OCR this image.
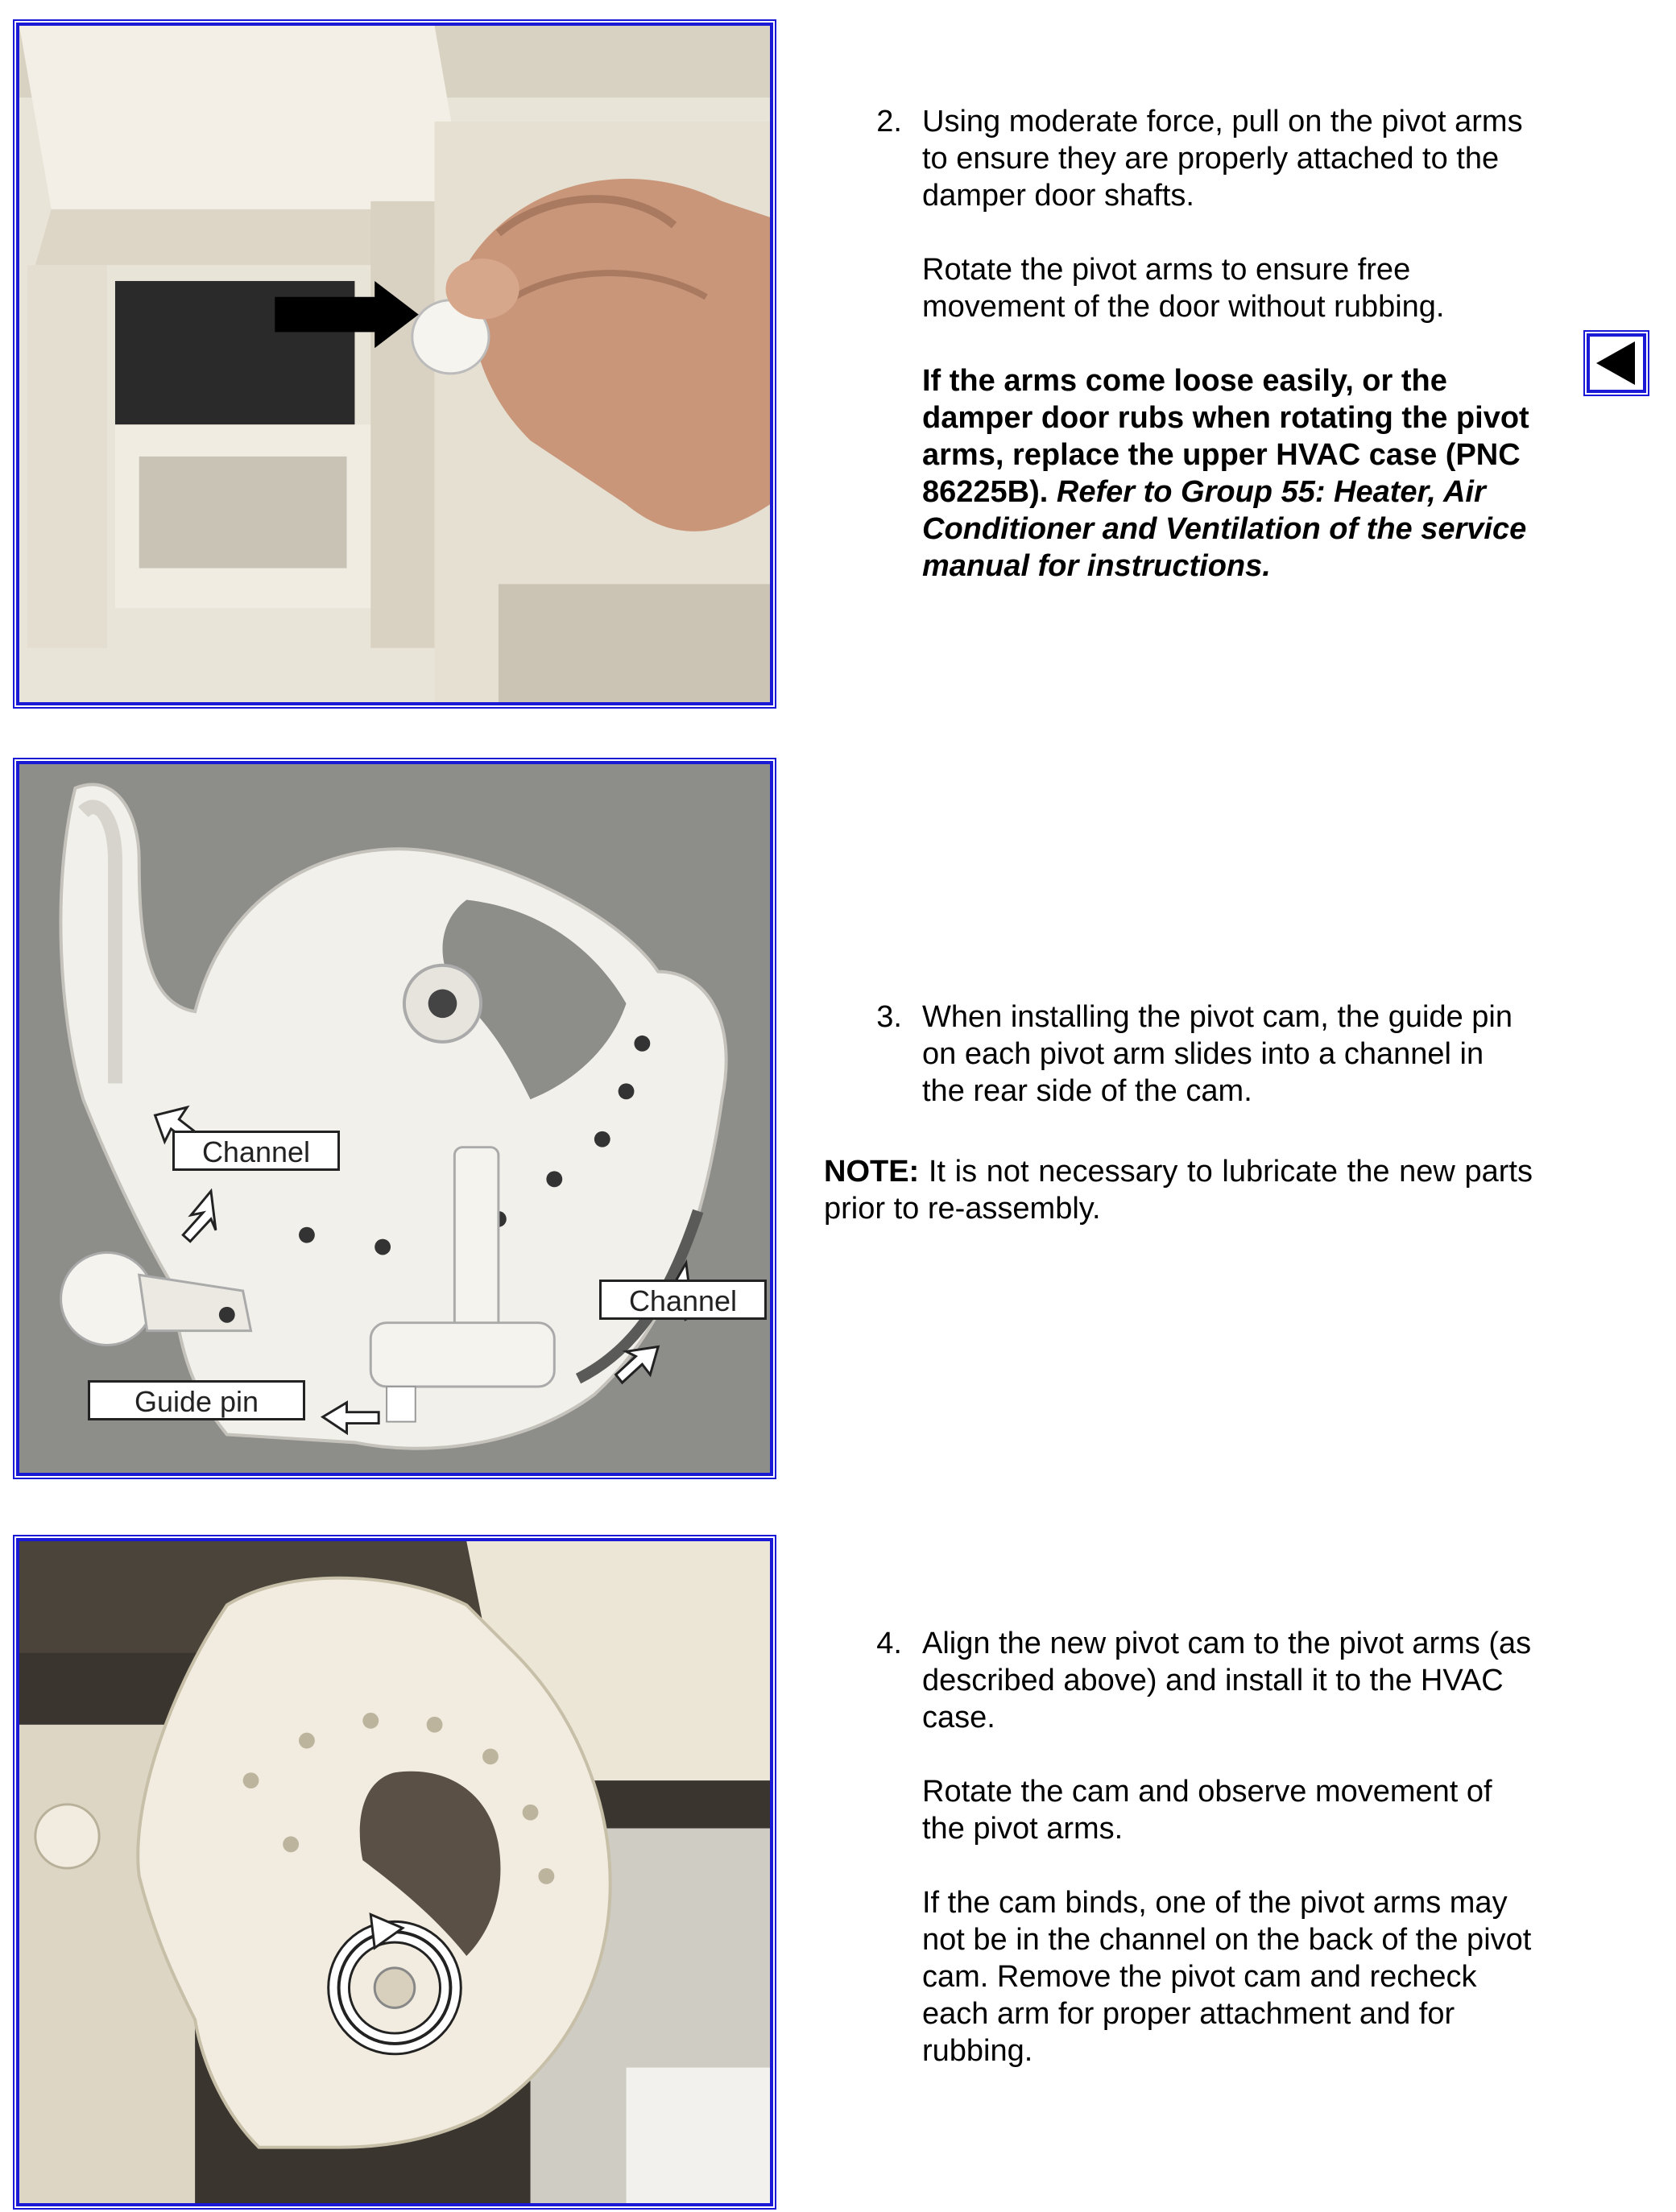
Channel
Channel
Guide pin
2. Using moderate force, pull on the pivot arms to ensure they are properly attached to the damper door shafts.

Rotate the pivot arms to ensure free movement of the door without rubbing.

If the arms come loose easily, or the damper door rubs when rotating the pivot arms, replace the upper HVAC case (PNC 86225B). Refer to Group 55: Heater, Air Conditioner and Ventilation of the service manual for instructions.

3. When installing the pivot cam, the guide pin on each pivot arm slides into a channel in the rear side of the cam.

NOTE: It is not necessary to lubricate the new parts prior to re-assembly.
4. Align the new pivot cam to the pivot arms (as described above) and install it to the HVAC case.

Rotate the cam and observe movement of the pivot arms.

If the cam binds, one of the pivot arms may not be in the channel on the back of the pivot cam. Remove the pivot cam and recheck each arm for proper attachment and for rubbing.
